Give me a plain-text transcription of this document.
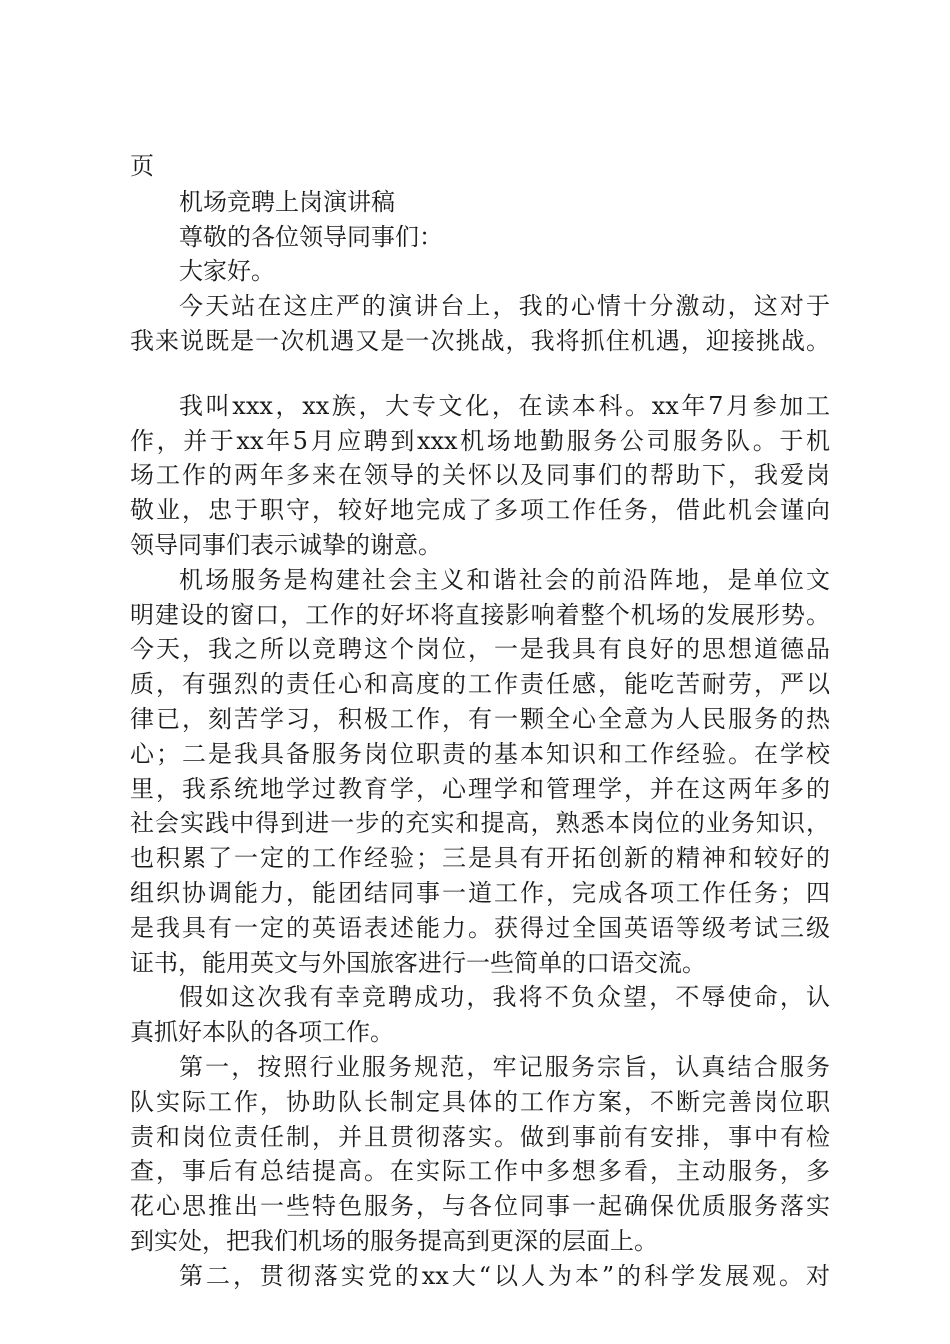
页
机场竞聘上岗演讲稿
尊敬的各位领导同事们：
大家好。
今天站在这庄严的演讲台上，我的心情十分激动，这对于
我来说既是一次机遇又是一次挑战，我将抓住机遇，迎接挑战。
我叫xxx，xx族，大专文化，在读本科。xx年7月参加工
作，并于xx年5月应聘到xxx机场地勤服务公司服务队。于机
场工作的两年多来在领导的关怀以及同事们的帮助下，我爱岗
敬业，忠于职守，较好地完成了多项工作任务，借此机会谨向
领导同事们表示诚挚的谢意。
机场服务是构建社会主义和谐社会的前沿阵地，是单位文
明建设的窗口，工作的好坏将直接影响着整个机场的发展形势。
今天，我之所以竞聘这个岗位，一是我具有良好的思想道德品
质，有强烈的责任心和高度的工作责任感，能吃苦耐劳，严以
律已，刻苦学习，积极工作，有一颗全心全意为人民服务的热
心；二是我具备服务岗位职责的基本知识和工作经验。在学校
里，我系统地学过教育学，心理学和管理学，并在这两年多的
社会实践中得到进一步的充实和提高，熟悉本岗位的业务知识，
也积累了一定的工作经验；三是具有开拓创新的精神和较好的
组织协调能力，能团结同事一道工作，完成各项工作任务；四
是我具有一定的英语表述能力。获得过全国英语等级考试三级
证书，能用英文与外国旅客进行一些简单的口语交流。
假如这次我有幸竞聘成功，我将不负众望，不辱使命，认
真抓好本队的各项工作。
第一，按照行业服务规范，牢记服务宗旨，认真结合服务
队实际工作，协助队长制定具体的工作方案，不断完善岗位职
责和岗位责任制，并且贯彻落实。做到事前有安排，事中有检
查，事后有总结提高。在实际工作中多想多看，主动服务，多
花心思推出一些特色服务，与各位同事一起确保优质服务落实
到实处，把我们机场的服务提高到更深的层面上。
第二，贯彻落实党的xx大“以人为本”的科学发展观。对
